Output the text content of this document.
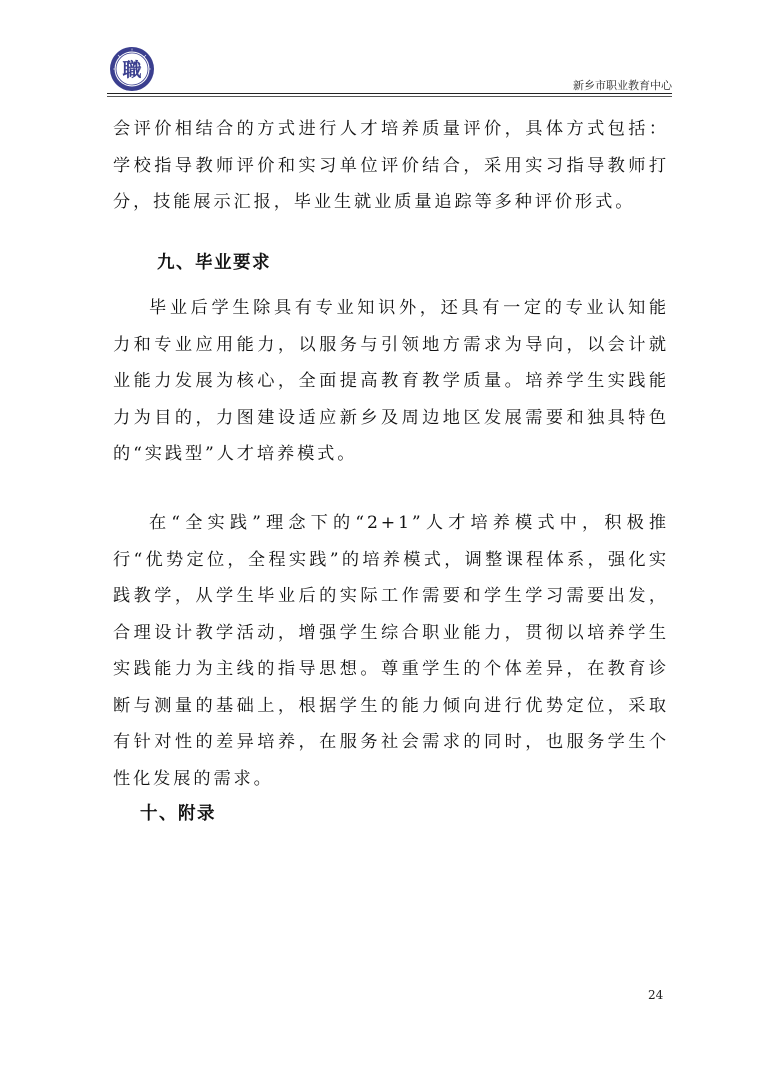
職
新乡市职业教育中心

会评价相结合的方式进行人才培养质量评价，具体方式包括：学校指导教师评价和实习单位评价结合，采用实习指导教师打分，技能展示汇报，毕业生就业质量追踪等多种评价形式。

九、毕业要求

毕业后学生除具有专业知识外，还具有一定的专业认知能力和专业应用能力，以服务与引领地方需求为导向，以会计就业能力发展为核心，全面提高教育教学质量。培养学生实践能力为目的，力图建设适应新乡及周边地区发展需要和独具特色的“实践型”人才培养模式。

在“全实践”理念下的“2+1”人才培养模式中，积极推行“优势定位，全程实践”的培养模式，调整课程体系，强化实践教学，从学生毕业后的实际工作需要和学生学习需要出发，合理设计教学活动，增强学生综合职业能力，贯彻以培养学生实践能力为主线的指导思想。尊重学生的个体差异，在教育诊断与测量的基础上，根据学生的能力倾向进行优势定位，采取有针对性的差异培养，在服务社会需求的同时，也服务学生个性化发展的需求。

十、附录
24
